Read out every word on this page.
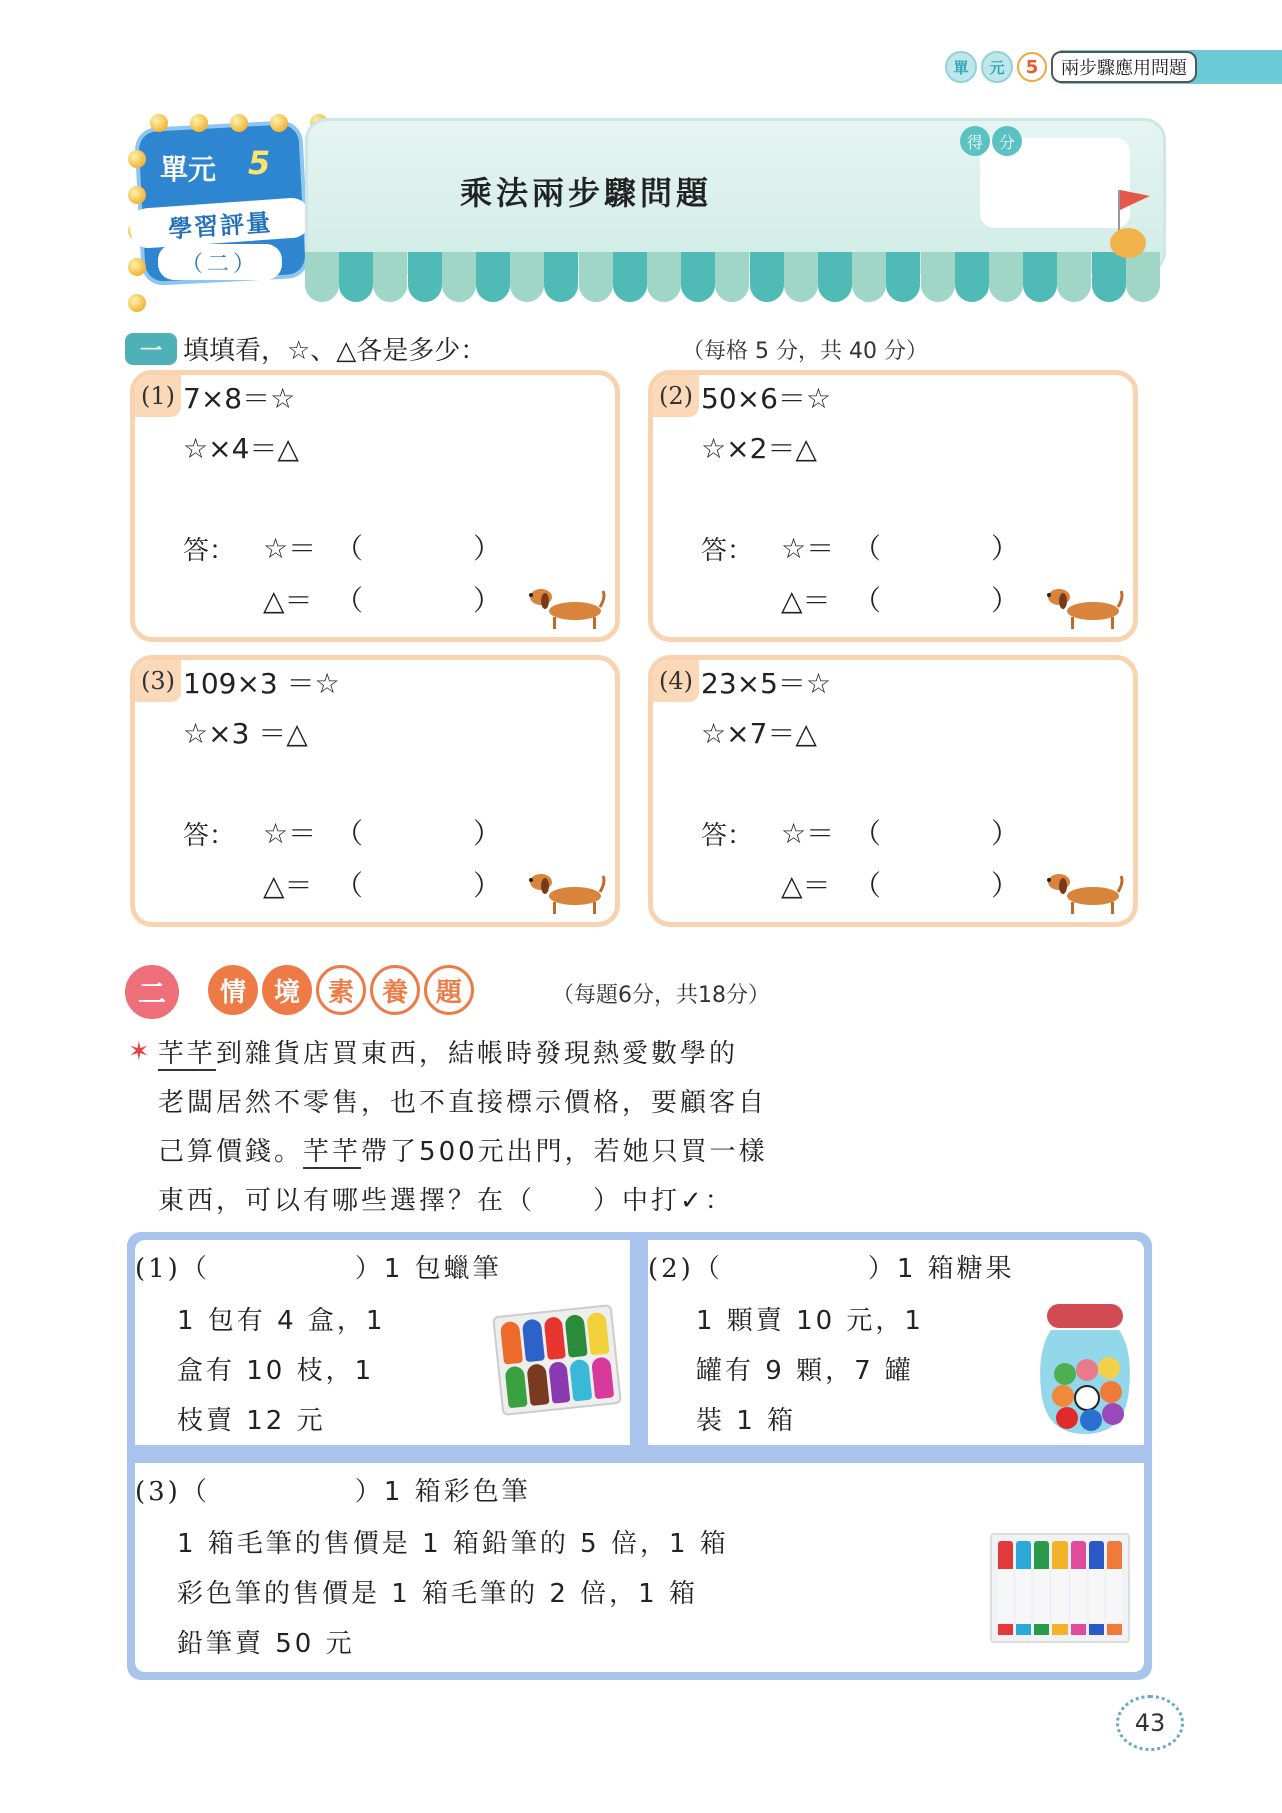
單	元	5	兩步驟應用問題
單元 5
學習評量
（二）
乘法兩步驟問題
得 分
一 填填看，☆、△各是多少：	（每格 5 分，共 40 分）
(1) 7×8＝☆
☆×4＝△
答： ☆＝ （	）
△＝ （	）
(2) 50×6＝☆
☆×2＝△
答： ☆＝ （	）
△＝ （	）
(3) 109×3 ＝☆
☆×3 ＝△
答： ☆＝ （	）
△＝ （	）
(4) 23×5＝☆
☆×7＝△
答： ☆＝ （	）
△＝ （	）
二	情	境	素	養	題	（每題6分，共18分）
✶ 芊芊到雜貨店買東西，結帳時發現熱愛數學的
老闆居然不零售，也不直接標示價格，要顧客自
己算價錢。芊芊帶了500元出門，若她只買一樣
東西，可以有哪些選擇？在（　　）中打✓：
(1)（　　　　　）1 包蠟筆
1 包有 4 盒，1
盒有 10 枝，1
枝賣 12 元
(2)（　　　　　）1 箱糖果
1 顆賣 10 元，1
罐有 9 顆，7 罐
裝 1 箱
(3)（　　　　　）1 箱彩色筆
1 箱毛筆的售價是 1 箱鉛筆的 5 倍，1 箱
彩色筆的售價是 1 箱毛筆的 2 倍，1 箱
鉛筆賣 50 元
43
